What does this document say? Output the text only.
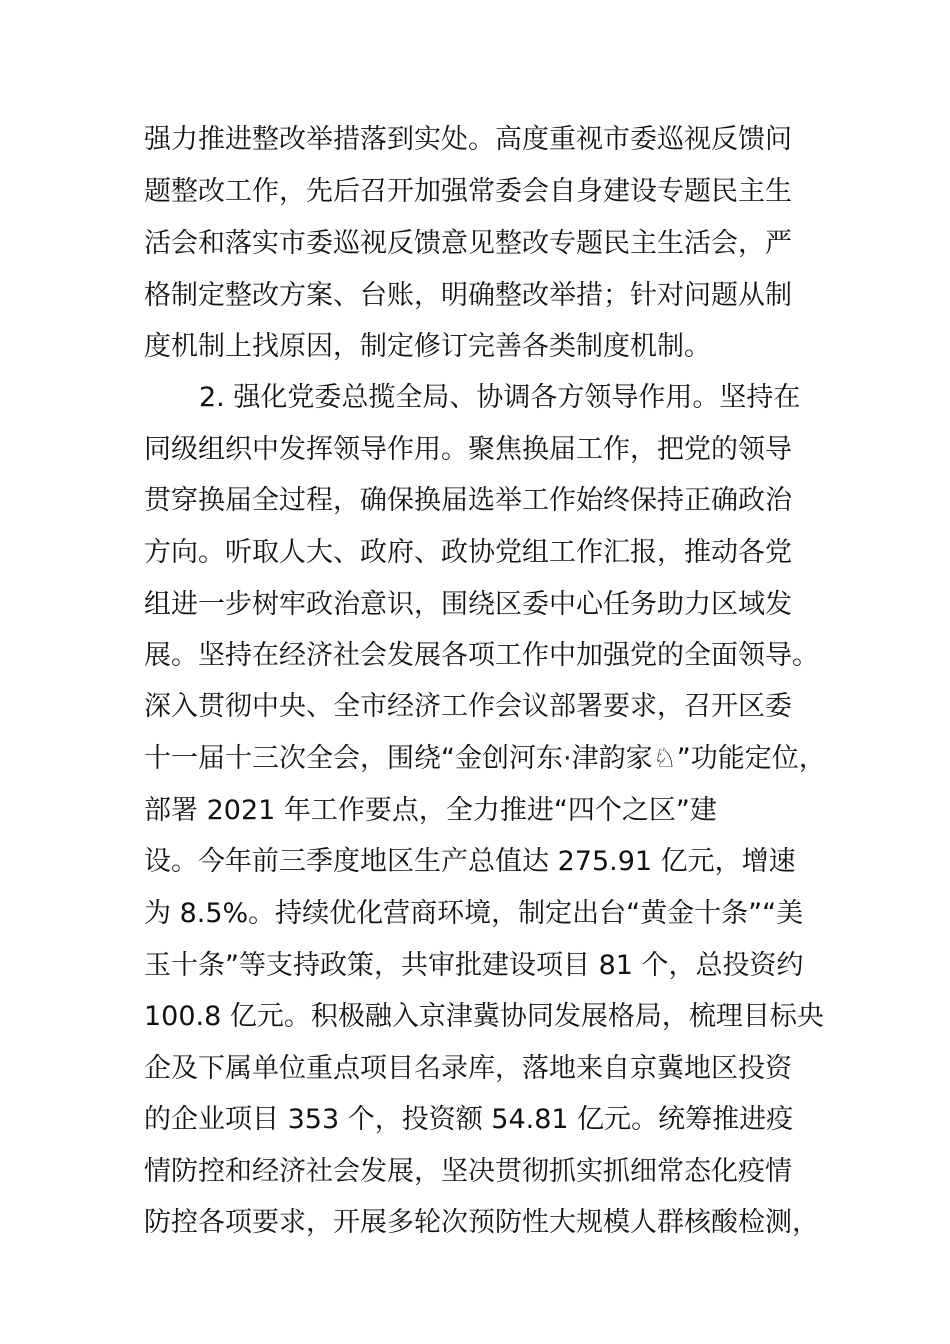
强力推进整改举措落到实处。高度重视市委巡视反馈问
题整改工作，先后召开加强常委会自身建设专题民主生
活会和落实市委巡视反馈意见整改专题民主生活会，严
格制定整改方案、台账，明确整改举措；针对问题从制
度机制上找原因，制定修订完善各类制度机制。
2. 强化党委总揽全局、协调各方领导作用。坚持在
同级组织中发挥领导作用。聚焦换届工作，把党的领导
贯穿换届全过程，确保换届选举工作始终保持正确政治
方向。听取人大、政府、政协党组工作汇报，推动各党
组进一步树牢政治意识，围绕区委中心任务助力区域发
展。坚持在经济社会发展各项工作中加强党的全面领导。
深入贯彻中央、全市经济工作会议部署要求，召开区委
十一届十三次全会，围绕“金创河东·津韵家♘”功能定位，
部署 2021 年工作要点，全力推进“四个之区”建
设。今年前三季度地区生产总值达 275.91 亿元，增速
为 8.5%。持续优化营商环境，制定出台“黄金十条”“美
玉十条”等支持政策，共审批建设项目 81 个，总投资约
100.8 亿元。积极融入京津冀协同发展格局，梳理目标央
企及下属单位重点项目名录库，落地来自京冀地区投资
的企业项目 353 个，投资额 54.81 亿元。统筹推进疫
情防控和经济社会发展，坚决贯彻抓实抓细常态化疫情
防控各项要求，开展多轮次预防性大规模人群核酸检测，
